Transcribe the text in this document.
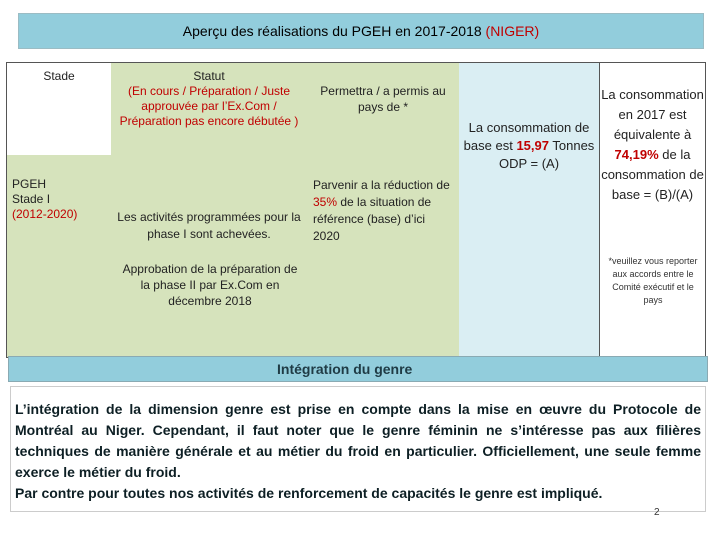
Aperçu des réalisations du PGEH en 2017-2018 (NIGER)
Stade
PGEH
Stade I
(2012-2020)
Statut
(En cours / Préparation / Juste approuvée par l’Ex.Com / Préparation pas encore débutée )
Les activités programmées pour la phase I sont achevées.
Permettra / a permis au pays de *
Parvenir a la réduction de 35% de la situation de référence (base) d’ici 2020
La consommation de base est 15,97 Tonnes ODP = (A)
La consommation en 2017 est équivalente à 74,19% de la consommation de base = (B)/(A)
Approbation de la préparation de la phase II par Ex.Com en décembre 2018
*veuillez vous reporter aux accords entre le Comité exécutif et le pays
Intégration du genre
L’intégration de la dimension genre est prise en compte dans la mise en œuvre du Protocole de Montréal au Niger. Cependant, il faut noter que le genre féminin ne s’intéresse pas aux filières techniques de manière générale et au métier du froid en particulier. Officiellement, une seule femme exerce le métier du froid.
Par contre pour toutes nos activités de renforcement de capacités le genre est impliqué.
2
